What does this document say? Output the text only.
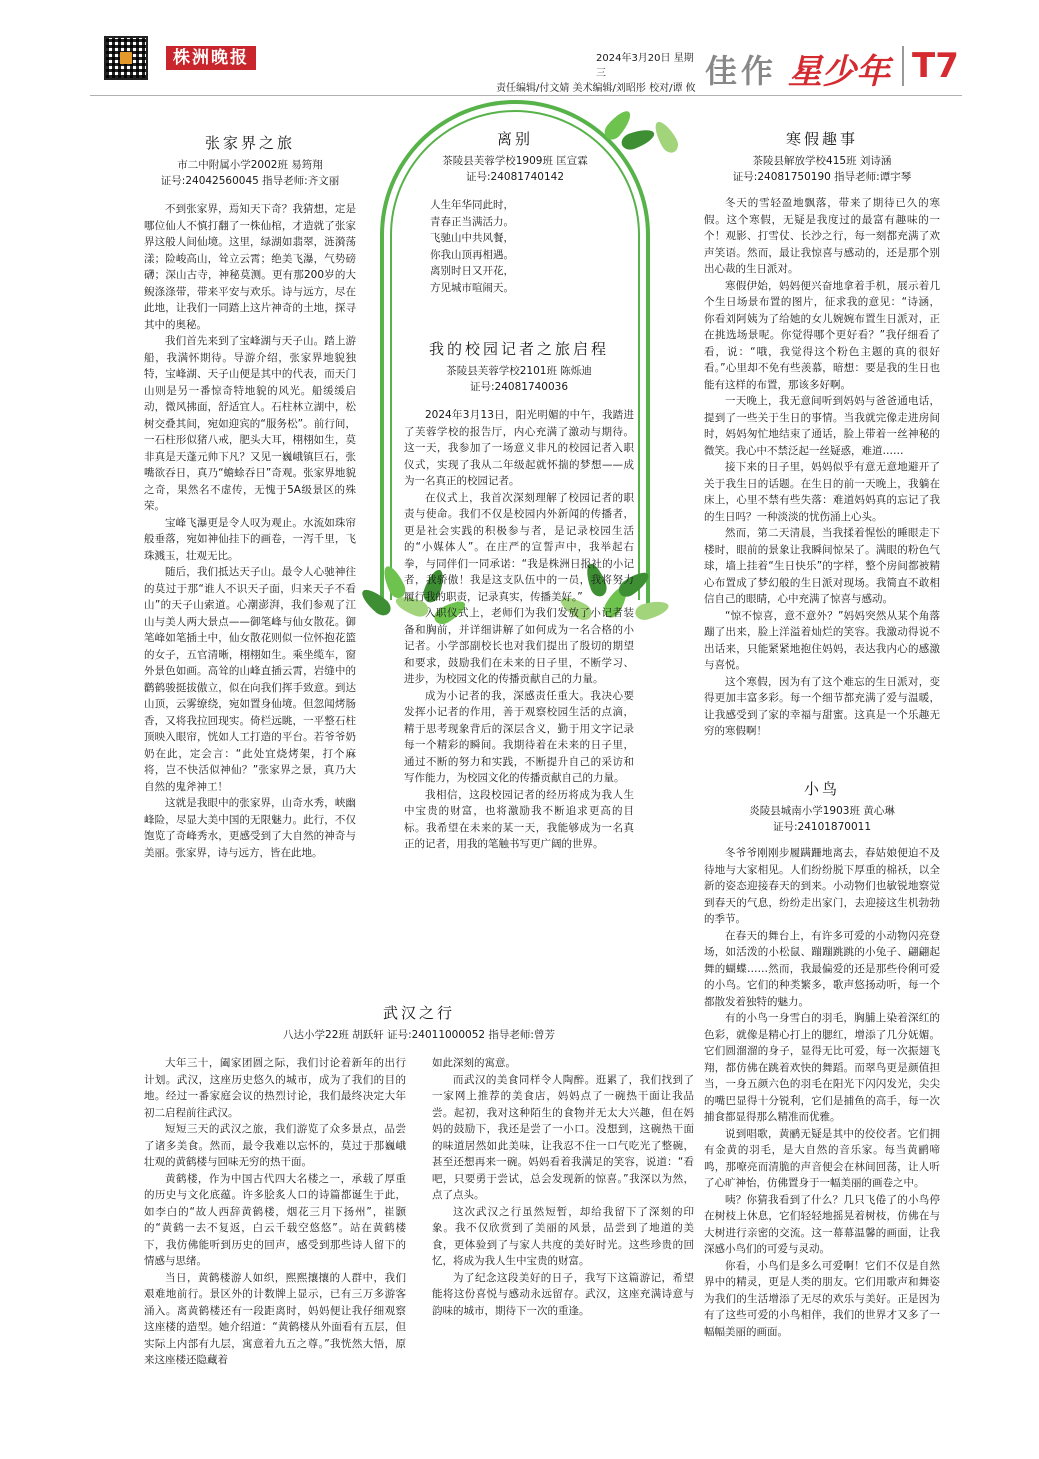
株洲晚报	2024年3月20日 星期三
责任编辑/付文婧 美术编辑/刘昭彤 校对/谭 攸 佳作 星少年 T7
张家界之旅
市二中附属小学2002班 易筠翔
证号:24042560045 指导老师:齐文丽

不到张家界，焉知天下奇？我猜想，定是哪位仙人不慎打翻了一株仙棺，才造就了张家界这般人间仙境。这里，绿湖如翡翠，涟漪荡漾；险峻高山，耸立云霄；绝美飞瀑，气势磅礴；深山古寺，神秘莫测。更有那200岁的大鲵涤涤带，带来平安与欢乐。诗与远方，尽在此地，让我们一同踏上这片神奇的土地，探寻其中的奥秘。

我们首先来到了宝峰湖与天子山。踏上游船，我满怀期待。导游介绍，张家界地貌独特，宝峰湖、天子山便是其中的代表，而天门山则是另一番惊奇特地貌的风光。船缓缓启动，微风拂面，舒适宜人。石柱林立湖中，松树交叠其间，宛如迎宾的“服务松”。前行间，一石柱形似猪八戒，肥头大耳，栩栩如生，莫非真是天蓬元帅下凡？又见一巍峨镇巨石，张嘴欲吞日，真乃“蟾蜍吞日”奇观。张家界地貌之奇，果然名不虚传，无愧于5A级景区的殊荣。

宝峰飞瀑更是令人叹为观止。水流如珠帘般垂落，宛如神仙挂下的画卷，一泻千里，飞珠溅玉，壮观无比。

随后，我们抵达天子山。最令人心驰神往的莫过于那“谁人不识天子面，归来天子不看山”的天子山索道。心潮澎湃，我们参观了江山与美人两大景点——御笔峰与仙女散花。御笔峰如笔插土中，仙女散花则似一位怀抱花篮的女子，五官清晰，栩栩如生。乘坐缆车，窗外景色如画。高耸的山峰直插云霄，岩缝中的鹳鹤骏挺拔傲立，似在向我们挥手致意。到达山顶，云雾缭绕，宛如置身仙境。但忽闻烤肠香，又将我拉回现实。倚栏远眺，一平整石柱顶映入眼帘，恍如人工打造的平台。若爷爷奶奶在此，定会言：“此处宜烧烤架，打个麻将，岂不快活似神仙？”张家界之景，真乃大自然的鬼斧神工！

这就是我眼中的张家界，山奇水秀，峡幽峰险，尽显大美中国的无限魅力。此行，不仅饱览了奇峰秀水，更感受到了大自然的神奇与美丽。张家界，诗与远方，皆在此地。

离别
茶陵县芙蓉学校1909班 匡宣霖
证号:24081740142
人生年华同此时，
青春正当满活力。
飞驰山中共风餐，
你我山顶再相遇。
离别时日又开花，
方见城市喧闹天。
我的校园记者之旅启程
茶陵县芙蓉学校2101班 陈烁迪
证号:24081740036

2024年3月13日，阳光明媚的中午，我踏进了芙蓉学校的报告厅，内心充满了激动与期待。这一天，我参加了一场意义非凡的校园记者入职仪式，实现了我从二年级起就怀揣的梦想——成为一名真正的校园记者。

在仪式上，我首次深刻理解了校园记者的职责与使命。我们不仅是校园内外新闻的传播者，更是社会实践的积极参与者，是记录校园生活的“小媒体人”。在庄严的宣誓声中，我举起右拳，与同伴们一同承诺：“我是株洲日报社的小记者，我骄傲！我是这支队伍中的一员，我将努力履行我的职责，记录真实，传播美好。”

入职仪式上，老师们为我们发放了小记者装备和胸前，并详细讲解了如何成为一名合格的小记者。小学部副校长也对我们提出了殷切的期望和要求，鼓励我们在未来的日子里，不断学习、进步，为校园文化的传播贡献自己的力量。

成为小记者的我，深感责任重大。我决心要发挥小记者的作用，善于观察校园生活的点滴，精于思考现象背后的深层含义，勤于用文字记录每一个精彩的瞬间。我期待着在未来的日子里，通过不断的努力和实践，不断提升自己的采访和写作能力，为校园文化的传播贡献自己的力量。

我相信，这段校园记者的经历将成为我人生中宝贵的财富，也将激励我不断追求更高的目标。我希望在未来的某一天，我能够成为一名真正的记者，用我的笔触书写更广阔的世界。

寒假趣事
茶陵县解放学校415班 刘诗涵
证号:24081750190 指导老师:谭宇琴

冬天的雪轻盈地飘落，带来了期待已久的寒假。这个寒假，无疑是我度过的最富有趣味的一个！观影、打雪仗、长沙之行，每一刻都充满了欢声笑语。然而，最让我惊喜与感动的，还是那个别出心裁的生日派对。

寒假伊始，妈妈便兴奋地拿着手机，展示着几个生日场景布置的图片，征求我的意见：“诗涵，你看刘阿姨为了给她的女儿婉婉布置生日派对，正在挑选场景呢。你觉得哪个更好看？”我仔细看了看，说：“哦，我觉得这个粉色主题的真的很好看。”心里却不免有些羡慕，暗想：要是我的生日也能有这样的布置，那该多好啊。

一天晚上，我无意间听到妈妈与爸爸通电话，提到了一些关于生日的事情。当我就完像走进房间时，妈妈匆忙地结束了通话，脸上带着一丝神秘的微笑。我心中不禁泛起一丝疑惑，难道……

接下来的日子里，妈妈似乎有意无意地避开了关于我生日的话题。在生日的前一天晚上，我躺在床上，心里不禁有些失落：难道妈妈真的忘记了我的生日吗？一种淡淡的忧伤涌上心头。

然而，第二天清晨，当我揉着惺忪的睡眼走下楼时，眼前的景象让我瞬间惊呆了。满眼的粉色气球，墙上挂着“生日快乐”的字样，整个房间都被精心布置成了梦幻般的生日派对现场。我简直不敢相信自己的眼睛，心中充满了惊喜与感动。

“惊不惊喜，意不意外？”妈妈突然从某个角落蹦了出来，脸上洋溢着灿烂的笑容。我激动得说不出话来，只能紧紧地抱住妈妈，表达我内心的感激与喜悦。

这个寒假，因为有了这个难忘的生日派对，变得更加丰富多彩。每一个细节都充满了爱与温暖，让我感受到了家的幸福与甜蜜。这真是一个乐趣无穷的寒假啊！

小鸟
炎陵县城南小学1903班 黄心琳
证号:24101870011

冬爷爷刚刚步履蹒跚地离去，春姑娘便迫不及待地与大家相见。人们纷纷脱下厚重的棉袄，以全新的姿态迎接春天的到来。小动物们也敏锐地察觉到春天的气息，纷纷走出家门，去迎接这生机勃勃的季节。

在春天的舞台上，有许多可爱的小动物闪亮登场，如活泼的小松鼠、蹦蹦跳跳的小兔子、翩翩起舞的蝴蝶……然而，我最偏爱的还是那些伶俐可爱的小鸟。它们的种类繁多，歌声悠扬动听，每一个都散发着独特的魅力。

有的小鸟一身雪白的羽毛，胸脯上染着深红的色彩，就像是精心打上的腮红，增添了几分妩媚。它们圆溜溜的身子，显得无比可爱，每一次振翅飞翔，都仿佛在跳着欢快的舞蹈。而翠鸟更是颜值担当，一身五颜六色的羽毛在阳光下闪闪发光，尖尖的嘴巴显得十分锐利，它们是捕鱼的高手，每一次捕食都显得那么精准而优雅。

说到唱歌，黄鹂无疑是其中的佼佼者。它们拥有金黄的羽毛，是大自然的音乐家。每当黄鹂啼鸣，那嘹亮而清脆的声音便会在林间回荡，让人听了心旷神怡，仿佛置身于一幅美丽的画卷之中。

咦？你猜我看到了什么？几只飞倦了的小鸟停在树枝上休息，它们轻轻地摇晃着树枝，仿佛在与大树进行亲密的交流。这一幕幕温馨的画面，让我深感小鸟们的可爱与灵动。

你看，小鸟们是多么可爱啊！它们不仅是自然界中的精灵，更是人类的朋友。它们用歌声和舞姿为我们的生活增添了无尽的欢乐与美好。正是因为有了这些可爱的小鸟相伴，我们的世界才又多了一幅幅美丽的画面。

武汉之行
八达小学22班 胡跃轩 证号:24011000052 指导老师:曾芳

大年三十，阖家团圆之际，我们讨论着新年的出行计划。武汉，这座历史悠久的城市，成为了我们的目的地。经过一番家庭会议的热烈讨论，我们最终决定大年初二启程前往武汉。

短短三天的武汉之旅，我们游览了众多景点，品尝了诸多美食。然而，最令我难以忘怀的，莫过于那巍峨壮观的黄鹤楼与回味无穷的热干面。

黄鹤楼，作为中国古代四大名楼之一，承载了厚重的历史与文化底蕴。许多脍炙人口的诗篇都诞生于此，如李白的“故人西辞黄鹤楼，烟花三月下扬州”，崔颢的“黄鹤一去不复返，白云千载空悠悠”。站在黄鹤楼下，我仿佛能听到历史的回声，感受到那些诗人留下的情感与思绪。

当日，黄鹤楼游人如织，熙熙攘攘的人群中，我们艰难地前行。景区外的计数牌上显示，已有三万多游客涌入。离黄鹤楼还有一段距离时，妈妈便让我仔细观察这座楼的造型。她介绍道：“黄鹤楼从外面看有五层，但实际上内部有九层，寓意着九五之尊。”我恍然大悟，原来这座楼还隐藏着

如此深刻的寓意。

而武汉的美食同样令人陶醉。逛累了，我们找到了一家网上推荐的美食店，妈妈点了一碗热干面让我品尝。起初，我对这种陌生的食物并无太大兴趣，但在妈妈的鼓励下，我还是尝了一小口。没想到，这碗热干面的味道居然如此美味，让我忍不住一口气吃光了整碗，甚至还想再来一碗。妈妈看着我满足的笑容，说道：“看吧，只要勇于尝试，总会发现新的惊喜。”我深以为然，点了点头。

这次武汉之行虽然短暂，却给我留下了深刻的印象。我不仅欣赏到了美丽的风景，品尝到了地道的美食，更体验到了与家人共度的美好时光。这些珍贵的回忆，将成为我人生中宝贵的财富。

为了纪念这段美好的日子，我写下这篇游记，希望能将这份喜悦与感动永远留存。武汉，这座充满诗意与韵味的城市，期待下一次的重逢。
